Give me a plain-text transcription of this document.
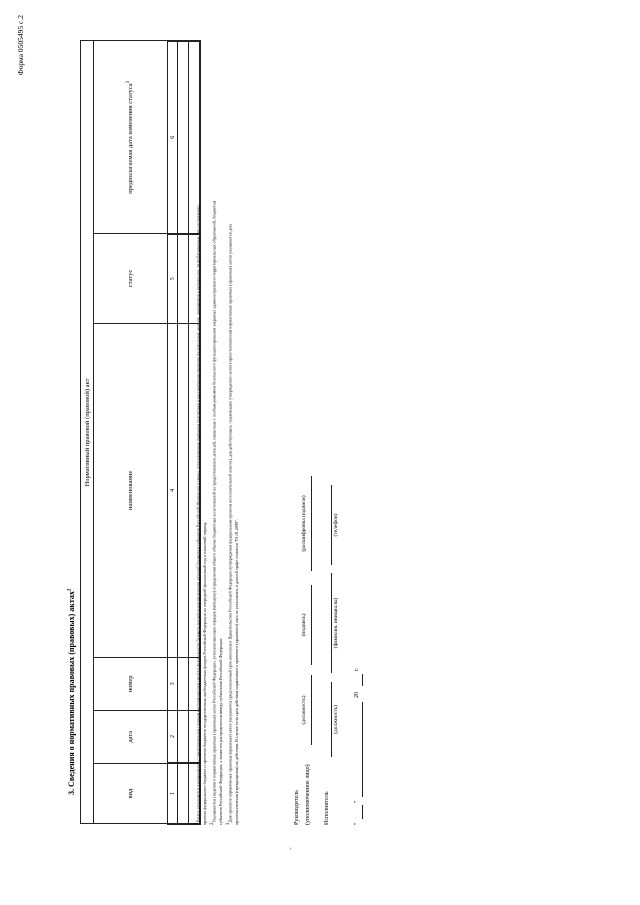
Форма 0505495 с.2
3. Сведения о нормативных правовых (правовых) актах$^2$
Нормативный правовой (правовой) акт					
вид	дата	номер	наименование	статус	предполагаемая дата изменения статуса$^3$
1	2	3	4	5	6

$^1$Раздел заполняется одновременно с представлением главным распорядителем средств федерального бюджета расчетов распределения дотаций бюджетам субъектов Российской Федерации в сроки, установленные графиком подготовки и рассмотрения проектов федеральных законов, документов и материалов, разрабатываемых при составлении проекта федерального бюджета и проектов бюджетов государственных внебюджетных фондов Российской Федерации на очередной финансовый год и плановый период. $^2$Указываются сведения о нормативных правовых (правовых) актах Российской Федерации, устанавливающих порядок (методику) определения общего объема бюджетных ассигнований на предоставление дотаций, связанных с особым режимом безопасного функционирования закрытых административно-территориальных образований, бюджетам субъектов Российской Федерации, а также его распределения между субъектами Российской Федерации. $^3$Для проектов нормативных правовых (правовых) актов указывается предполагаемый срок внесения в Правительство Российской Федерации (утверждения федеральным органом исполнительной власти), для действующих, подлежащих утверждению актов (приостановления) нормативных правовых (правовых) актов указывается дата приостановления (прекращения) их действия. В случае если срок действия нормативного правового (правового) акта не установлен, в данной графе ставится "01.01.2099".	Руководитель (уполномоченное лицо)
(должность)
(подпись)
(расшифровка подписи)
Исполнитель
(должность)
(фамилия, инициалы)
(телефон)
"
"
20
г.
-
